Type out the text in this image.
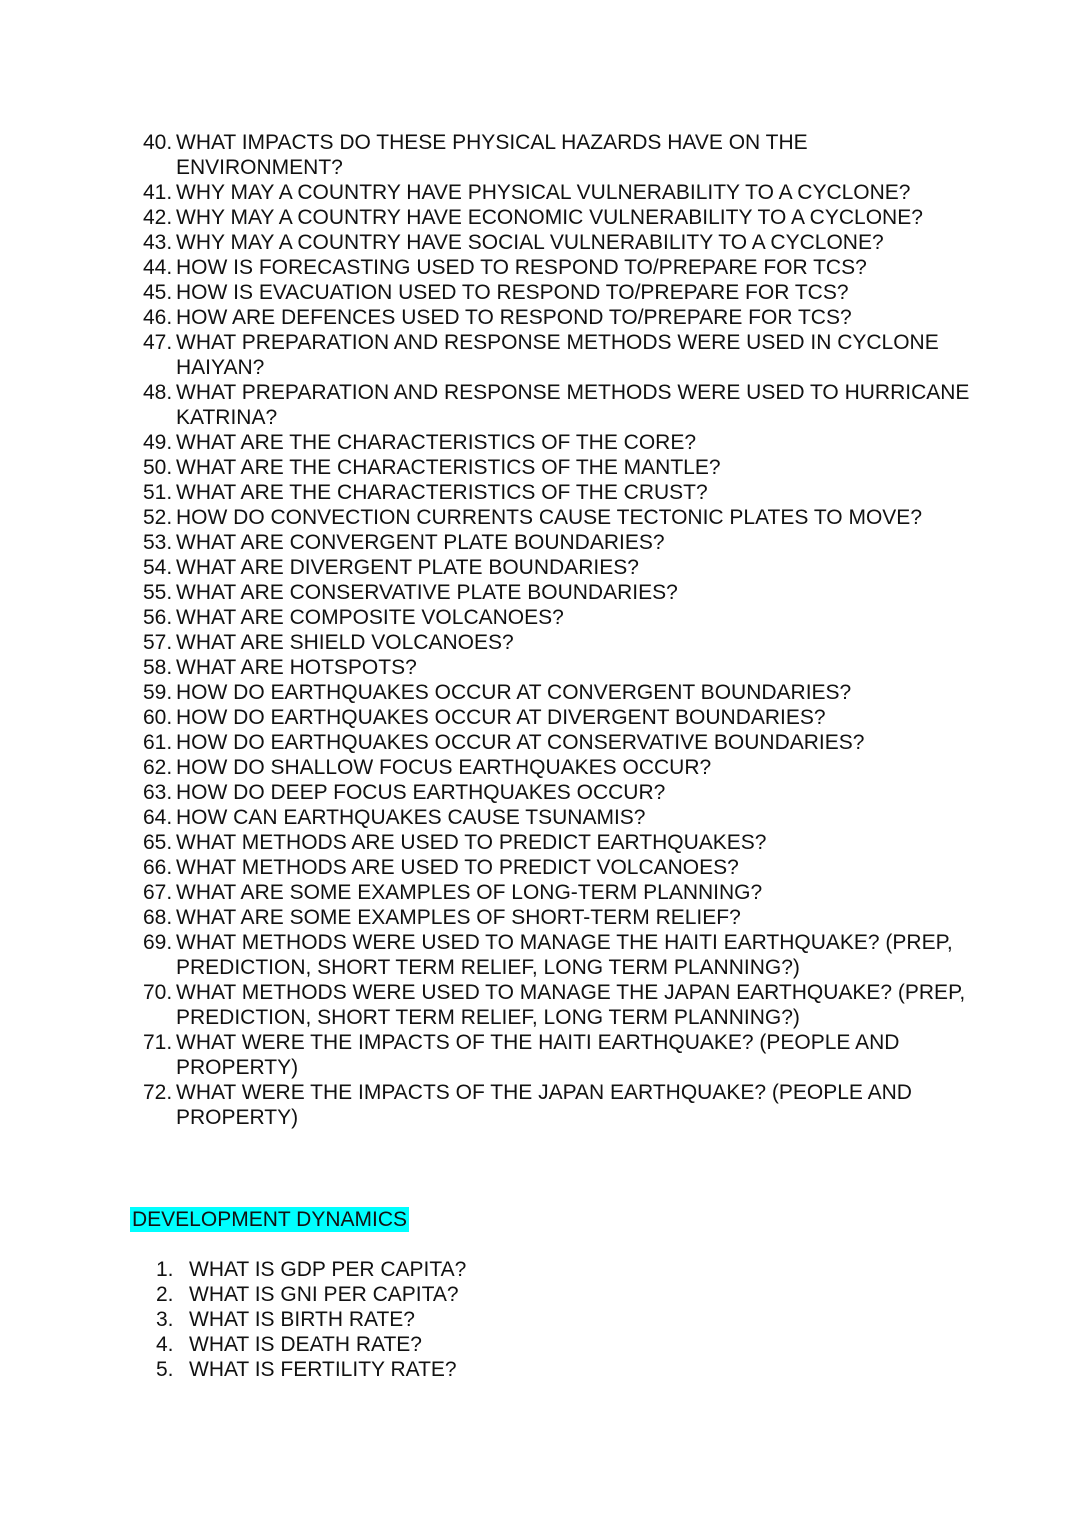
40. WHAT IMPACTS DO THESE PHYSICAL HAZARDS HAVE ON THE ENVIRONMENT?
41. WHY MAY A COUNTRY HAVE PHYSICAL VULNERABILITY TO A CYCLONE?
42. WHY MAY A COUNTRY HAVE ECONOMIC VULNERABILITY TO A CYCLONE?
43. WHY MAY A COUNTRY HAVE SOCIAL VULNERABILITY TO A CYCLONE?
44. HOW IS FORECASTING USED TO RESPOND TO/PREPARE FOR TCS?
45. HOW IS EVACUATION USED TO RESPOND TO/PREPARE FOR TCS?
46. HOW ARE DEFENCES USED TO RESPOND TO/PREPARE FOR TCS?
47. WHAT PREPARATION AND RESPONSE METHODS WERE USED IN CYCLONE HAIYAN?
48. WHAT PREPARATION AND RESPONSE METHODS WERE USED TO HURRICANE KATRINA?
49. WHAT ARE THE CHARACTERISTICS OF THE CORE?
50. WHAT ARE THE CHARACTERISTICS OF THE MANTLE?
51. WHAT ARE THE CHARACTERISTICS OF THE CRUST?
52. HOW DO CONVECTION CURRENTS CAUSE TECTONIC PLATES TO MOVE?
53. WHAT ARE CONVERGENT PLATE BOUNDARIES?
54. WHAT ARE DIVERGENT PLATE BOUNDARIES?
55. WHAT ARE CONSERVATIVE PLATE BOUNDARIES?
56. WHAT ARE COMPOSITE VOLCANOES?
57. WHAT ARE SHIELD VOLCANOES?
58. WHAT ARE HOTSPOTS?
59. HOW DO EARTHQUAKES OCCUR AT CONVERGENT BOUNDARIES?
60. HOW DO EARTHQUAKES OCCUR AT DIVERGENT BOUNDARIES?
61. HOW DO EARTHQUAKES OCCUR AT CONSERVATIVE BOUNDARIES?
62. HOW DO SHALLOW FOCUS EARTHQUAKES OCCUR?
63. HOW DO DEEP FOCUS EARTHQUAKES OCCUR?
64. HOW CAN EARTHQUAKES CAUSE TSUNAMIS?
65. WHAT METHODS ARE USED TO PREDICT EARTHQUAKES?
66. WHAT METHODS ARE USED TO PREDICT VOLCANOES?
67. WHAT ARE SOME EXAMPLES OF LONG-TERM PLANNING?
68. WHAT ARE SOME EXAMPLES OF SHORT-TERM RELIEF?
69. WHAT METHODS WERE USED TO MANAGE THE HAITI EARTHQUAKE? (PREP, PREDICTION, SHORT TERM RELIEF, LONG TERM PLANNING?)
70. WHAT METHODS WERE USED TO MANAGE THE JAPAN EARTHQUAKE? (PREP, PREDICTION, SHORT TERM RELIEF, LONG TERM PLANNING?)
71. WHAT WERE THE IMPACTS OF THE HAITI EARTHQUAKE? (PEOPLE AND PROPERTY)
72. WHAT WERE THE IMPACTS OF THE JAPAN EARTHQUAKE? (PEOPLE AND PROPERTY)
DEVELOPMENT DYNAMICS
1. WHAT IS GDP PER CAPITA?
2. WHAT IS GNI PER CAPITA?
3. WHAT IS BIRTH RATE?
4. WHAT IS DEATH RATE?
5. WHAT IS FERTILITY RATE?
